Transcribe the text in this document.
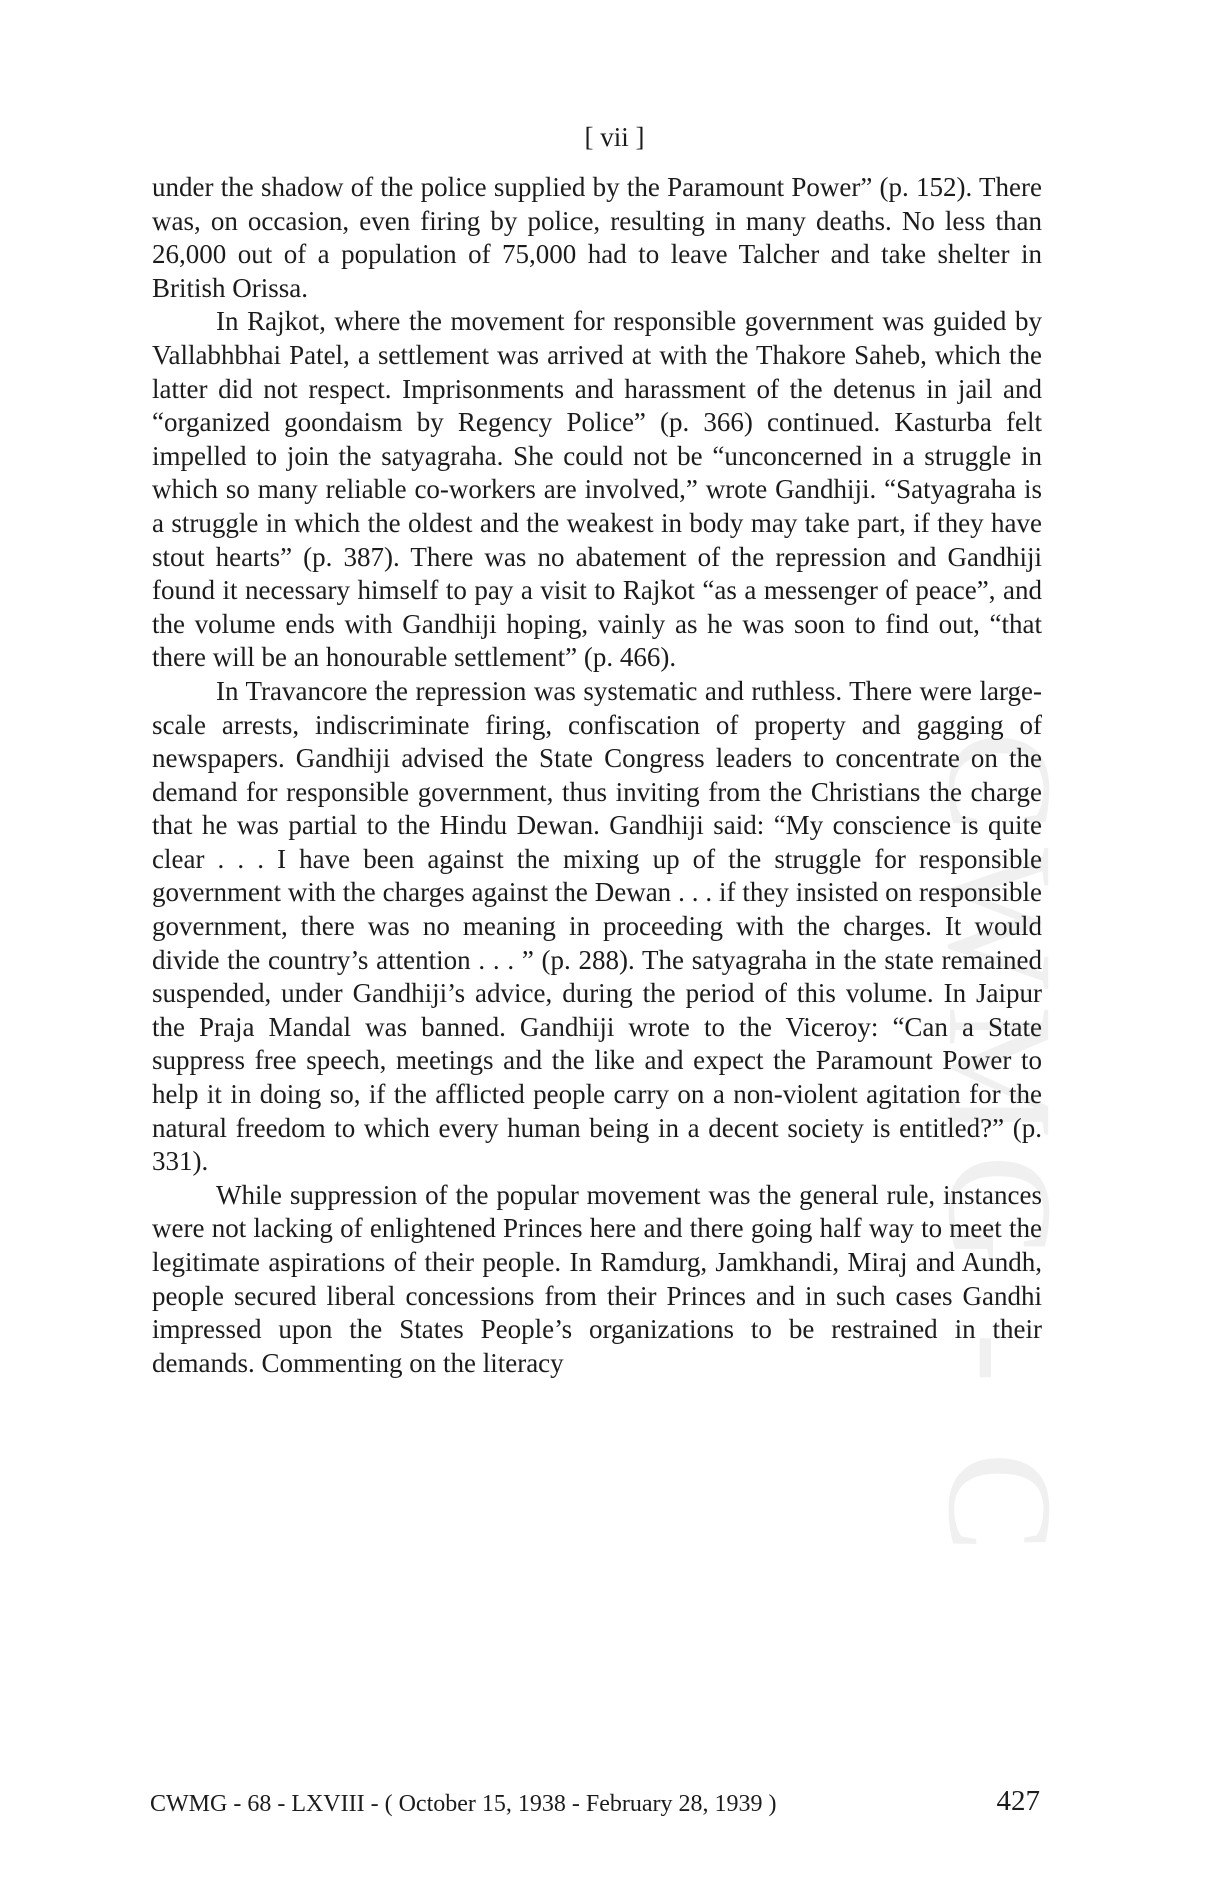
CWMG - C
[ vii ]

under the shadow of the police supplied by the Paramount Power” (p. 152). There was, on occasion, even firing by police, resulting in many deaths. No less than 26,000 out of a population of 75,000 had to leave Talcher and take shelter in British Orissa.

In Rajkot, where the movement for responsible government was guided by Vallabhbhai Patel, a settlement was arrived at with the Thakore Saheb, which the latter did not respect. Imprisonments and harassment of the detenus in jail and “organized goondaism by Regency Police” (p. 366) continued. Kasturba felt impelled to join the satyagraha. She could not be “unconcerned in a struggle in which so many reliable co-workers are involved,” wrote Gandhiji. “Satyagraha is a struggle in which the oldest and the weakest in body may take part, if they have stout hearts” (p. 387). There was no abatement of the repression and Gandhiji found it necessary himself to pay a visit to Rajkot “as a messenger of peace”, and the volume ends with Gandhiji hoping, vainly as he was soon to find out, “that there will be an honourable settlement” (p. 466).

In Travancore the repression was systematic and ruthless. There were large-scale arrests, indiscriminate firing, confiscation of property and gagging of newspapers. Gandhiji advised the State Congress leaders to concentrate on the demand for responsible government, thus inviting from the Christians the charge that he was partial to the Hindu Dewan. Gandhiji said: “My conscience is quite clear . . . I have been against the mixing up of the struggle for responsible government with the charges against the Dewan . . . if they insisted on responsible government, there was no meaning in proceeding with the charges. It would divide the country’s attention . . . ” (p. 288). The satyagraha in the state remained suspended, under Gandhiji’s advice, during the period of this volume. In Jaipur the Praja Mandal was banned. Gandhiji wrote to the Viceroy: “Can a State suppress free speech, meetings and the like and expect the Paramount Power to help it in doing so, if the afflicted people carry on a non-violent agitation for the natural freedom to which every human being in a decent society is entitled?” (p. 331).

While suppression of the popular movement was the general rule, instances were not lacking of enlightened Princes here and there going half way to meet the legitimate aspirations of their people. In Ramdurg, Jamkhandi, Miraj and Aundh, people secured liberal concessions from their Princes and in such cases Gandhi impressed upon the States People’s organizations to be restrained in their demands. Commenting on the literacy

CWMG - 68 - LXVIII - ( October 15, 1938 - February 28, 1939 )	427
